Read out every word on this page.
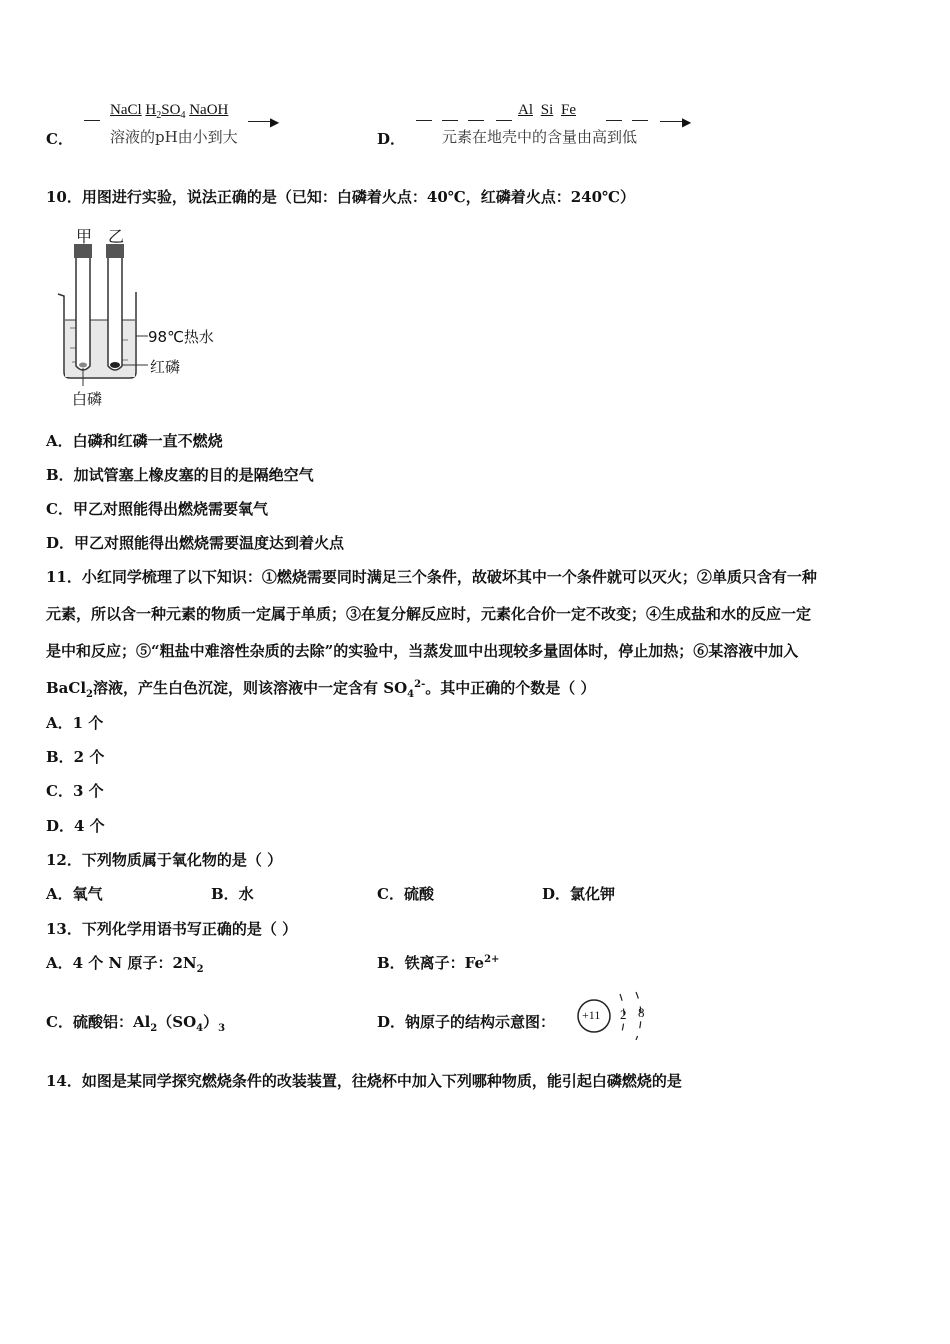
C．
NaCl $H_2SO_4$ NaOH
▶
溶液的pH由小到大	D．
Al Si Fe
▶
元素在地壳中的含量由高到低
10．用图进行实验，说法正确的是（已知：白磷着火点：40℃，红磷着火点：240℃）
甲 乙
98℃热水
红磷
白磷
A．白磷和红磷一直不燃烧
B．加试管塞上橡皮塞的目的是隔绝空气
C．甲乙对照能得出燃烧需要氧气
D．甲乙对照能得出燃烧需要温度达到着火点
11．小红同学梳理了以下知识：①燃烧需要同时满足三个条件，故破坏其中一个条件就可以灭火；②单质只含有一种
元素，所以含一种元素的物质一定属于单质；③在复分解反应时，元素化合价一定不改变；④生成盐和水的反应一定
是中和反应；⑤“粗盐中难溶性杂质的去除”的实验中，当蒸发皿中出现较多量固体时，停止加热；⑥某溶液中加入
BaCl$_2$溶液，产生白色沉淀，则该溶液中一定含有 $SO_4^{2-}$。其中正确的个数是（ ）
A．1 个
B．2 个
C．3 个
D．4 个
12．下列物质属于氧化物的是（ ）
A．氧气	B．水	C．硫酸	D．氯化钾
13．下列化学用语书写正确的是（ ）
A．4 个 N 原子：$2N_2$	B．铁离子：$Fe^{2+}$
C．硫酸铝：$Al_2(SO_4)_3$	D．钠原子的结构示意图： +11 2 8
14．如图是某同学探究燃烧条件的改装装置，往烧杯中加入下列哪种物质，能引起白磷燃烧的是
